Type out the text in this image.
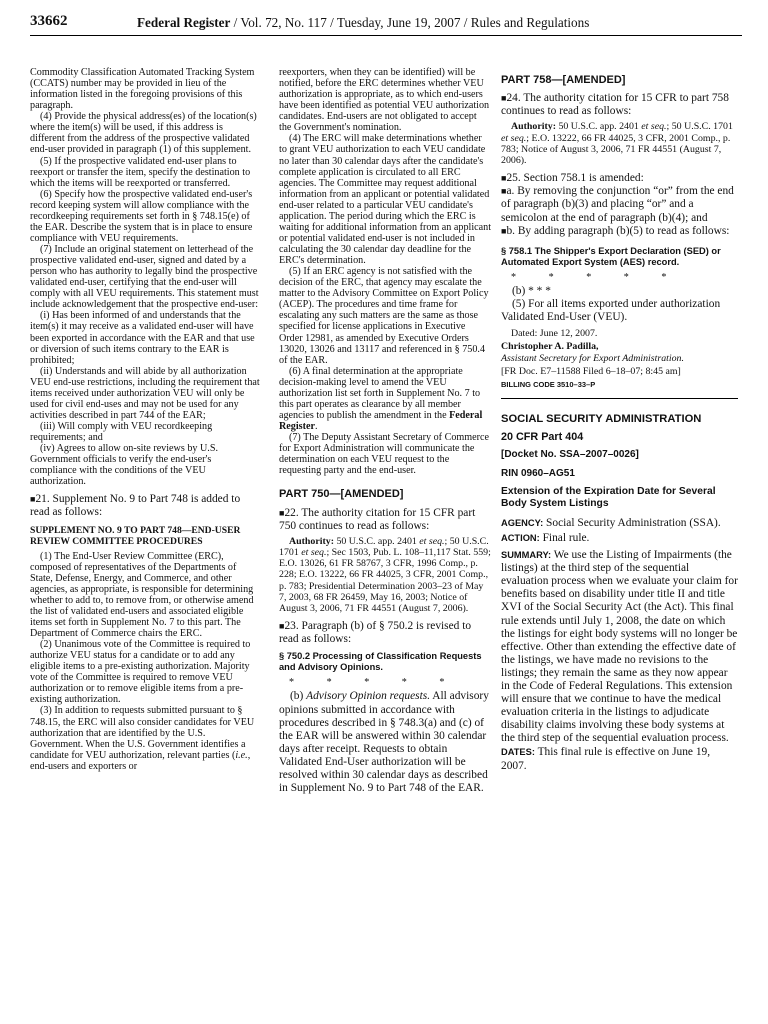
33662	Federal Register / Vol. 72, No. 117 / Tuesday, June 19, 2007 / Rules and Regulations

Commodity Classification Automated Tracking System (CCATS) number may be provided in lieu of the information listed in the foregoing provisions of this paragraph.

(4) Provide the physical address(es) of the location(s) where the item(s) will be used, if this address is different from the address of the prospective validated end-user provided in paragraph (1) of this supplement.

(5) If the prospective validated end-user plans to reexport or transfer the item, specify the destination to which the items will be reexported or transferred.

(6) Specify how the prospective validated end-user's record keeping system will allow compliance with the recordkeeping requirements set forth in § 748.15(e) of the EAR. Describe the system that is in place to ensure compliance with VEU requirements.

(7) Include an original statement on letterhead of the prospective validated end-user, signed and dated by a person who has authority to legally bind the prospective validated end-user, certifying that the end-user will comply with all VEU requirements. This statement must include acknowledgement that the prospective end-user:

(i) Has been informed of and understands that the item(s) it may receive as a validated end-user will have been exported in accordance with the EAR and that use or diversion of such items contrary to the EAR is prohibited;

(ii) Understands and will abide by all authorization VEU end-use restrictions, including the requirement that items received under authorization VEU will only be used for civil end-uses and may not be used for any activities described in part 744 of the EAR;

(iii) Will comply with VEU recordkeeping requirements; and

(iv) Agrees to allow on-site reviews by U.S. Government officials to verify the end-user's compliance with the conditions of the VEU authorization.

■ 21. Supplement No. 9 to Part 748 is added to read as follows:

SUPPLEMENT NO. 9 TO PART 748—END-USER REVIEW COMMITTEE PROCEDURES

(1) The End-User Review Committee (ERC), composed of representatives of the Departments of State, Defense, Energy, and Commerce, and other agencies, as appropriate, is responsible for determining whether to add to, to remove from, or otherwise amend the list of validated end-users and associated eligible items set forth in Supplement No. 7 to this part. The Department of Commerce chairs the ERC.

(2) Unanimous vote of the Committee is required to authorize VEU status for a candidate or to add any eligible items to a pre-existing authorization. Majority vote of the Committee is required to remove VEU authorization or to remove eligible items from a pre-existing authorization.

(3) In addition to requests submitted pursuant to § 748.15, the ERC will also consider candidates for VEU authorization that are identified by the U.S. Government. When the U.S. Government identifies a candidate for VEU authorization, relevant parties (i.e., end-users and exporters or

reexporters, when they can be identified) will be notified, before the ERC determines whether VEU authorization is appropriate, as to which end-users have been identified as potential VEU authorization candidates. End-users are not obligated to accept the Government's nomination.

(4) The ERC will make determinations whether to grant VEU authorization to each VEU candidate no later than 30 calendar days after the candidate's complete application is circulated to all ERC agencies. The Committee may request additional information from an applicant or potential validated end-user related to a particular VEU candidate's application. The period during which the ERC is waiting for additional information from an applicant or potential validated end-user is not included in calculating the 30 calendar day deadline for the ERC's determination.

(5) If an ERC agency is not satisfied with the decision of the ERC, that agency may escalate the matter to the Advisory Committee on Export Policy (ACEP). The procedures and time frame for escalating any such matters are the same as those specified for license applications in Executive Order 12981, as amended by Executive Orders 13020, 13026 and 13117 and referenced in § 750.4 of the EAR.

(6) A final determination at the appropriate decision-making level to amend the VEU authorization list set forth in Supplement No. 7 to this part operates as clearance by all member agencies to publish the amendment in the Federal Register.

(7) The Deputy Assistant Secretary of Commerce for Export Administration will communicate the determination on each VEU request to the requesting party and the end-user.

PART 750—[AMENDED]

■ 22. The authority citation for 15 CFR part 750 continues to read as follows:

Authority: 50 U.S.C. app. 2401 et seq.; 50 U.S.C. 1701 et seq.; Sec 1503, Pub. L. 108–11,117 Stat. 559; E.O. 13026, 61 FR 58767, 3 CFR, 1996 Comp., p. 228; E.O. 13222, 66 FR 44025, 3 CFR, 2001 Comp., p. 783; Presidential Determination 2003–23 of May 7, 2003, 68 FR 26459, May 16, 2003; Notice of August 3, 2006, 71 FR 44551 (August 7, 2006).

■ 23. Paragraph (b) of § 750.2 is revised to read as follows:

§ 750.2 Processing of Classification Requests and Advisory Opinions.

* * * * *

(b) Advisory Opinion requests. All advisory opinions submitted in accordance with procedures described in § 748.3(a) and (c) of the EAR will be answered within 30 calendar days after receipt. Requests to obtain Validated End-User authorization will be resolved within 30 calendar days as described in Supplement No. 9 to Part 748 of the EAR.

PART 758—[AMENDED]

■ 24. The authority citation for 15 CFR to part 758 continues to read as follows:

Authority: 50 U.S.C. app. 2401 et seq.; 50 U.S.C. 1701 et seq.; E.O. 13222, 66 FR 44025, 3 CFR, 2001 Comp., p. 783; Notice of August 3, 2006, 71 FR 44551 (August 7, 2006).

■ 25. Section 758.1 is amended:

■ a. By removing the conjunction “or” from the end of paragraph (b)(3) and placing “or” and a semicolon at the end of paragraph (b)(4); and

■ b. By adding paragraph (b)(5) to read as follows:

§ 758.1 The Shipper's Export Declaration (SED) or Automated Export System (AES) record.

* * * * *

(b) * * *

(5) For all items exported under authorization Validated End-User (VEU).

Dated: June 12, 2007.

Christopher A. Padilla,

Assistant Secretary for Export Administration.

[FR Doc. E7–11588 Filed 6–18–07; 8:45 am]

BILLING CODE 3510–33–P

SOCIAL SECURITY ADMINISTRATION

20 CFR Part 404

[Docket No. SSA–2007–0026]

RIN 0960–AG51

Extension of the Expiration Date for Several Body System Listings

AGENCY: Social Security Administration (SSA).

ACTION: Final rule.

SUMMARY: We use the Listing of Impairments (the listings) at the third step of the sequential evaluation process when we evaluate your claim for benefits based on disability under title II and title XVI of the Social Security Act (the Act). This final rule extends until July 1, 2008, the date on which the listings for eight body systems will no longer be effective. Other than extending the effective date of the listings, we have made no revisions to the listings; they remain the same as they now appear in the Code of Federal Regulations. This extension will ensure that we continue to have the medical evaluation criteria in the listings to adjudicate disability claims involving these body systems at the third step of the sequential evaluation process.

DATES: This final rule is effective on June 19, 2007.
